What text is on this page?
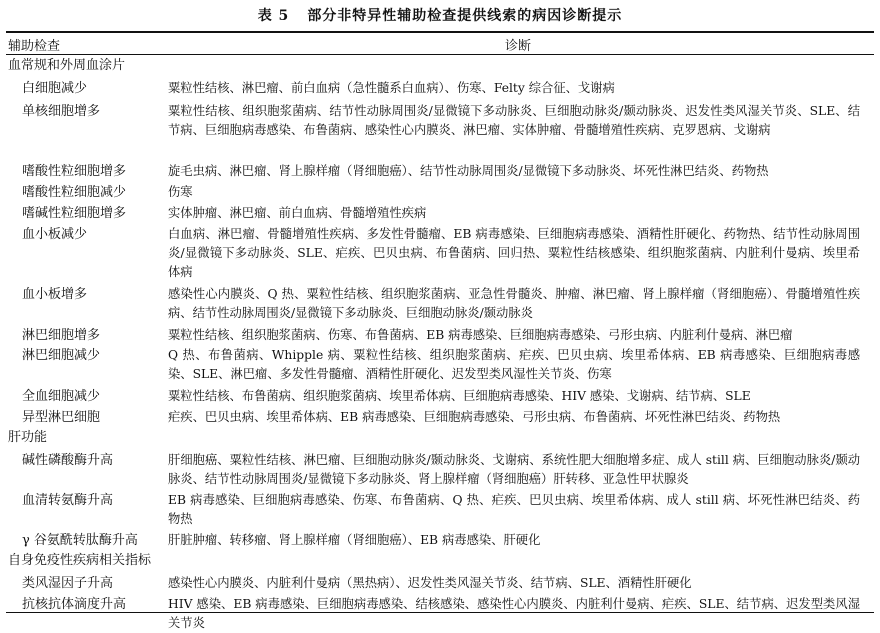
表 5 部分非特异性辅助检查提供线索的病因诊断提示
辅助检查	诊断
血常规和外周血涂片
白细胞减少	粟粒性结核、淋巴瘤、前白血病（急性髓系白血病）、伤寒、Felty 综合征、戈谢病
单核细胞增多	粟粒性结核、组织胞浆菌病、结节性动脉周围炎/显微镜下多动脉炎、巨细胞动脉炎/颞动脉炎、迟发性类风湿关节炎、SLE、结节病、巨细胞病毒感染、布鲁菌病、感染性心内膜炎、淋巴瘤、实体肿瘤、骨髓增殖性疾病、克罗恩病、戈谢病
嗜酸性粒细胞增多	旋毛虫病、淋巴瘤、肾上腺样瘤（肾细胞癌）、结节性动脉周围炎/显微镜下多动脉炎、坏死性淋巴结炎、药物热
嗜酸性粒细胞减少	伤寒
嗜碱性粒细胞增多	实体肿瘤、淋巴瘤、前白血病、骨髓增殖性疾病
血小板减少	白血病、淋巴瘤、骨髓增殖性疾病、多发性骨髓瘤、EB 病毒感染、巨细胞病毒感染、酒精性肝硬化、药物热、结节性动脉周围炎/显微镜下多动脉炎、SLE、疟疾、巴贝虫病、布鲁菌病、回归热、粟粒性结核感染、组织胞浆菌病、内脏利什曼病、埃里希体病
血小板增多	感染性心内膜炎、Q 热、粟粒性结核、组织胞浆菌病、亚急性骨髓炎、肿瘤、淋巴瘤、肾上腺样瘤（肾细胞癌）、骨髓增殖性疾病、结节性动脉周围炎/显微镜下多动脉炎、巨细胞动脉炎/颞动脉炎
淋巴细胞增多	粟粒性结核、组织胞浆菌病、伤寒、布鲁菌病、EB 病毒感染、巨细胞病毒感染、弓形虫病、内脏利什曼病、淋巴瘤
淋巴细胞减少	Q 热、布鲁菌病、Whipple 病、粟粒性结核、组织胞浆菌病、疟疾、巴贝虫病、埃里希体病、EB 病毒感染、巨细胞病毒感染、SLE、淋巴瘤、多发性骨髓瘤、酒精性肝硬化、迟发型类风湿性关节炎、伤寒
全血细胞减少	粟粒性结核、布鲁菌病、组织胞浆菌病、埃里希体病、巨细胞病毒感染、HIV 感染、戈谢病、结节病、SLE
异型淋巴细胞	疟疾、巴贝虫病、埃里希体病、EB 病毒感染、巨细胞病毒感染、弓形虫病、布鲁菌病、坏死性淋巴结炎、药物热
肝功能
碱性磷酸酶升高	肝细胞癌、粟粒性结核、淋巴瘤、巨细胞动脉炎/颞动脉炎、戈谢病、系统性肥大细胞增多症、成人 still 病、巨细胞动脉炎/颞动脉炎、结节性动脉周围炎/显微镜下多动脉炎、肾上腺样瘤（肾细胞癌）肝转移、亚急性甲状腺炎
血清转氨酶升高	EB 病毒感染、巨细胞病毒感染、伤寒、布鲁菌病、Q 热、疟疾、巴贝虫病、埃里希体病、成人 still 病、坏死性淋巴结炎、药物热
γ 谷氨酰转肽酶升高	肝脏肿瘤、转移瘤、肾上腺样瘤（肾细胞癌）、EB 病毒感染、肝硬化
自身免疫性疾病相关指标
类风湿因子升高	感染性心内膜炎、内脏利什曼病（黑热病）、迟发性类风湿关节炎、结节病、SLE、酒精性肝硬化
抗核抗体滴度升高	HIV 感染、EB 病毒感染、巨细胞病毒感染、结核感染、感染性心内膜炎、内脏利什曼病、疟疾、SLE、结节病、迟发型类风湿关节炎
